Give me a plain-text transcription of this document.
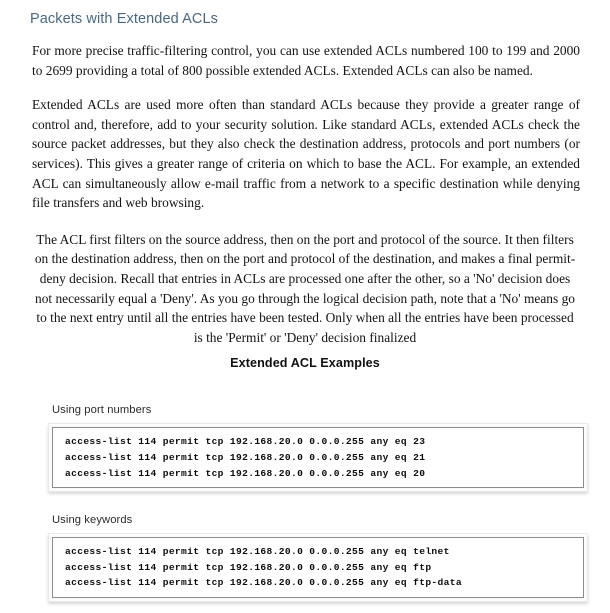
Packets with Extended ACLs

For more precise traffic-filtering control, you can use extended ACLs numbered 100 to 199 and 2000 to 2699 providing a total of 800 possible extended ACLs. Extended ACLs can also be named.

Extended ACLs are used more often than standard ACLs because they provide a greater range of control and, therefore, add to your security solution. Like standard ACLs, extended ACLs check the source packet addresses, but they also check the destination address, protocols and port numbers (or services). This gives a greater range of criteria on which to base the ACL. For example, an extended ACL can simultaneously allow e-mail traffic from a network to a specific destination while denying file transfers and web browsing.

The ACL first filters on the source address, then on the port and protocol of the source. It then filters on the destination address, then on the port and protocol of the destination, and makes a final permit-deny decision. Recall that entries in ACLs are processed one after the other, so a 'No' decision does not necessarily equal a 'Deny'. As you go through the logical decision path, note that a 'No' means go to the next entry until all the entries have been tested. Only when all the entries have been processed is the 'Permit' or 'Deny' decision finalized

Extended ACL Examples
Using port numbers
access-list 114 permit tcp 192.168.20.0 0.0.0.255 any eq 23
access-list 114 permit tcp 192.168.20.0 0.0.0.255 any eq 21
access-list 114 permit tcp 192.168.20.0 0.0.0.255 any eq 20
Using keywords
access-list 114 permit tcp 192.168.20.0 0.0.0.255 any eq telnet
access-list 114 permit tcp 192.168.20.0 0.0.0.255 any eq ftp
access-list 114 permit tcp 192.168.20.0 0.0.0.255 any eq ftp-data
